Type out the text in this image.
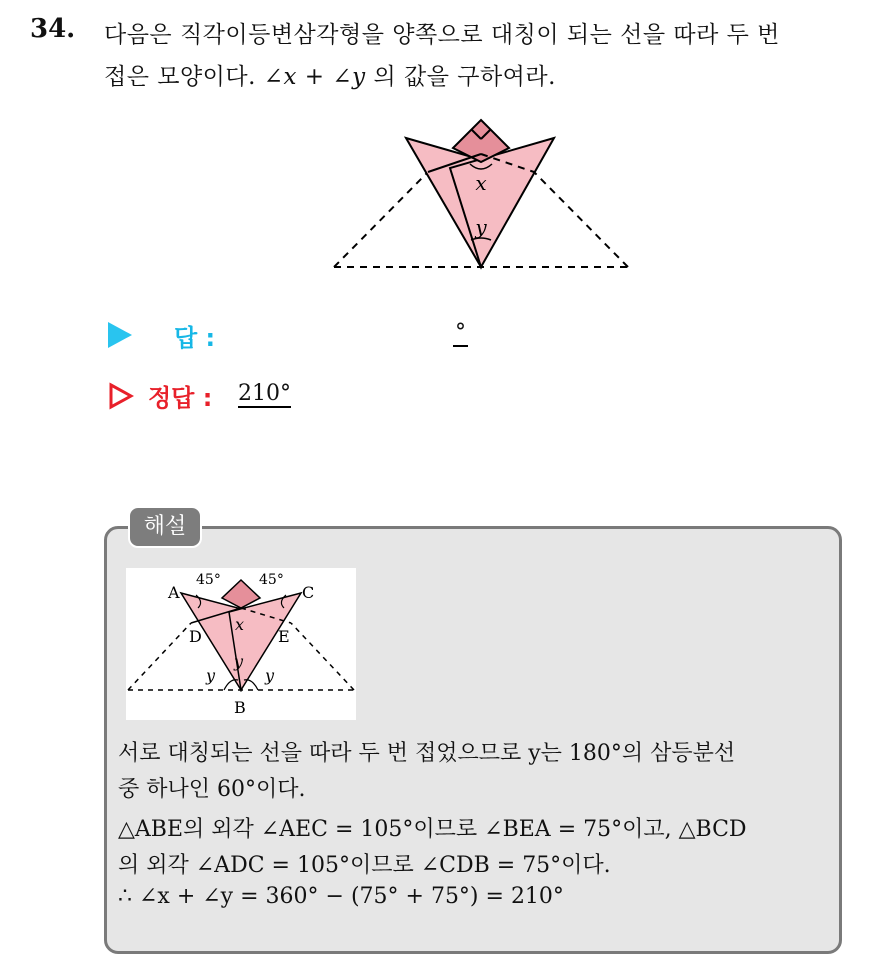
34. 다음은 직각이등변삼각형을 양쪽으로 대칭이 되는 선을 따라 두 번
접은 모양이다. ∠x + ∠y 의 값을 구하여라.
x
y
답 :	°
정답 : 210°
해설
A	C
D	E
B
45°	45°
x
y
y	y
서로 대칭되는 선을 따라 두 번 접었으므로 y는 180°의 삼등분선
중 하나인 60°이다.
△ABE의 외각 ∠AEC = 105°이므로 ∠BEA = 75°이고, △BCD
의 외각 ∠ADC = 105°이므로 ∠CDB = 75°이다.
∴ ∠x + ∠y = 360° − (75° + 75°) = 210°
